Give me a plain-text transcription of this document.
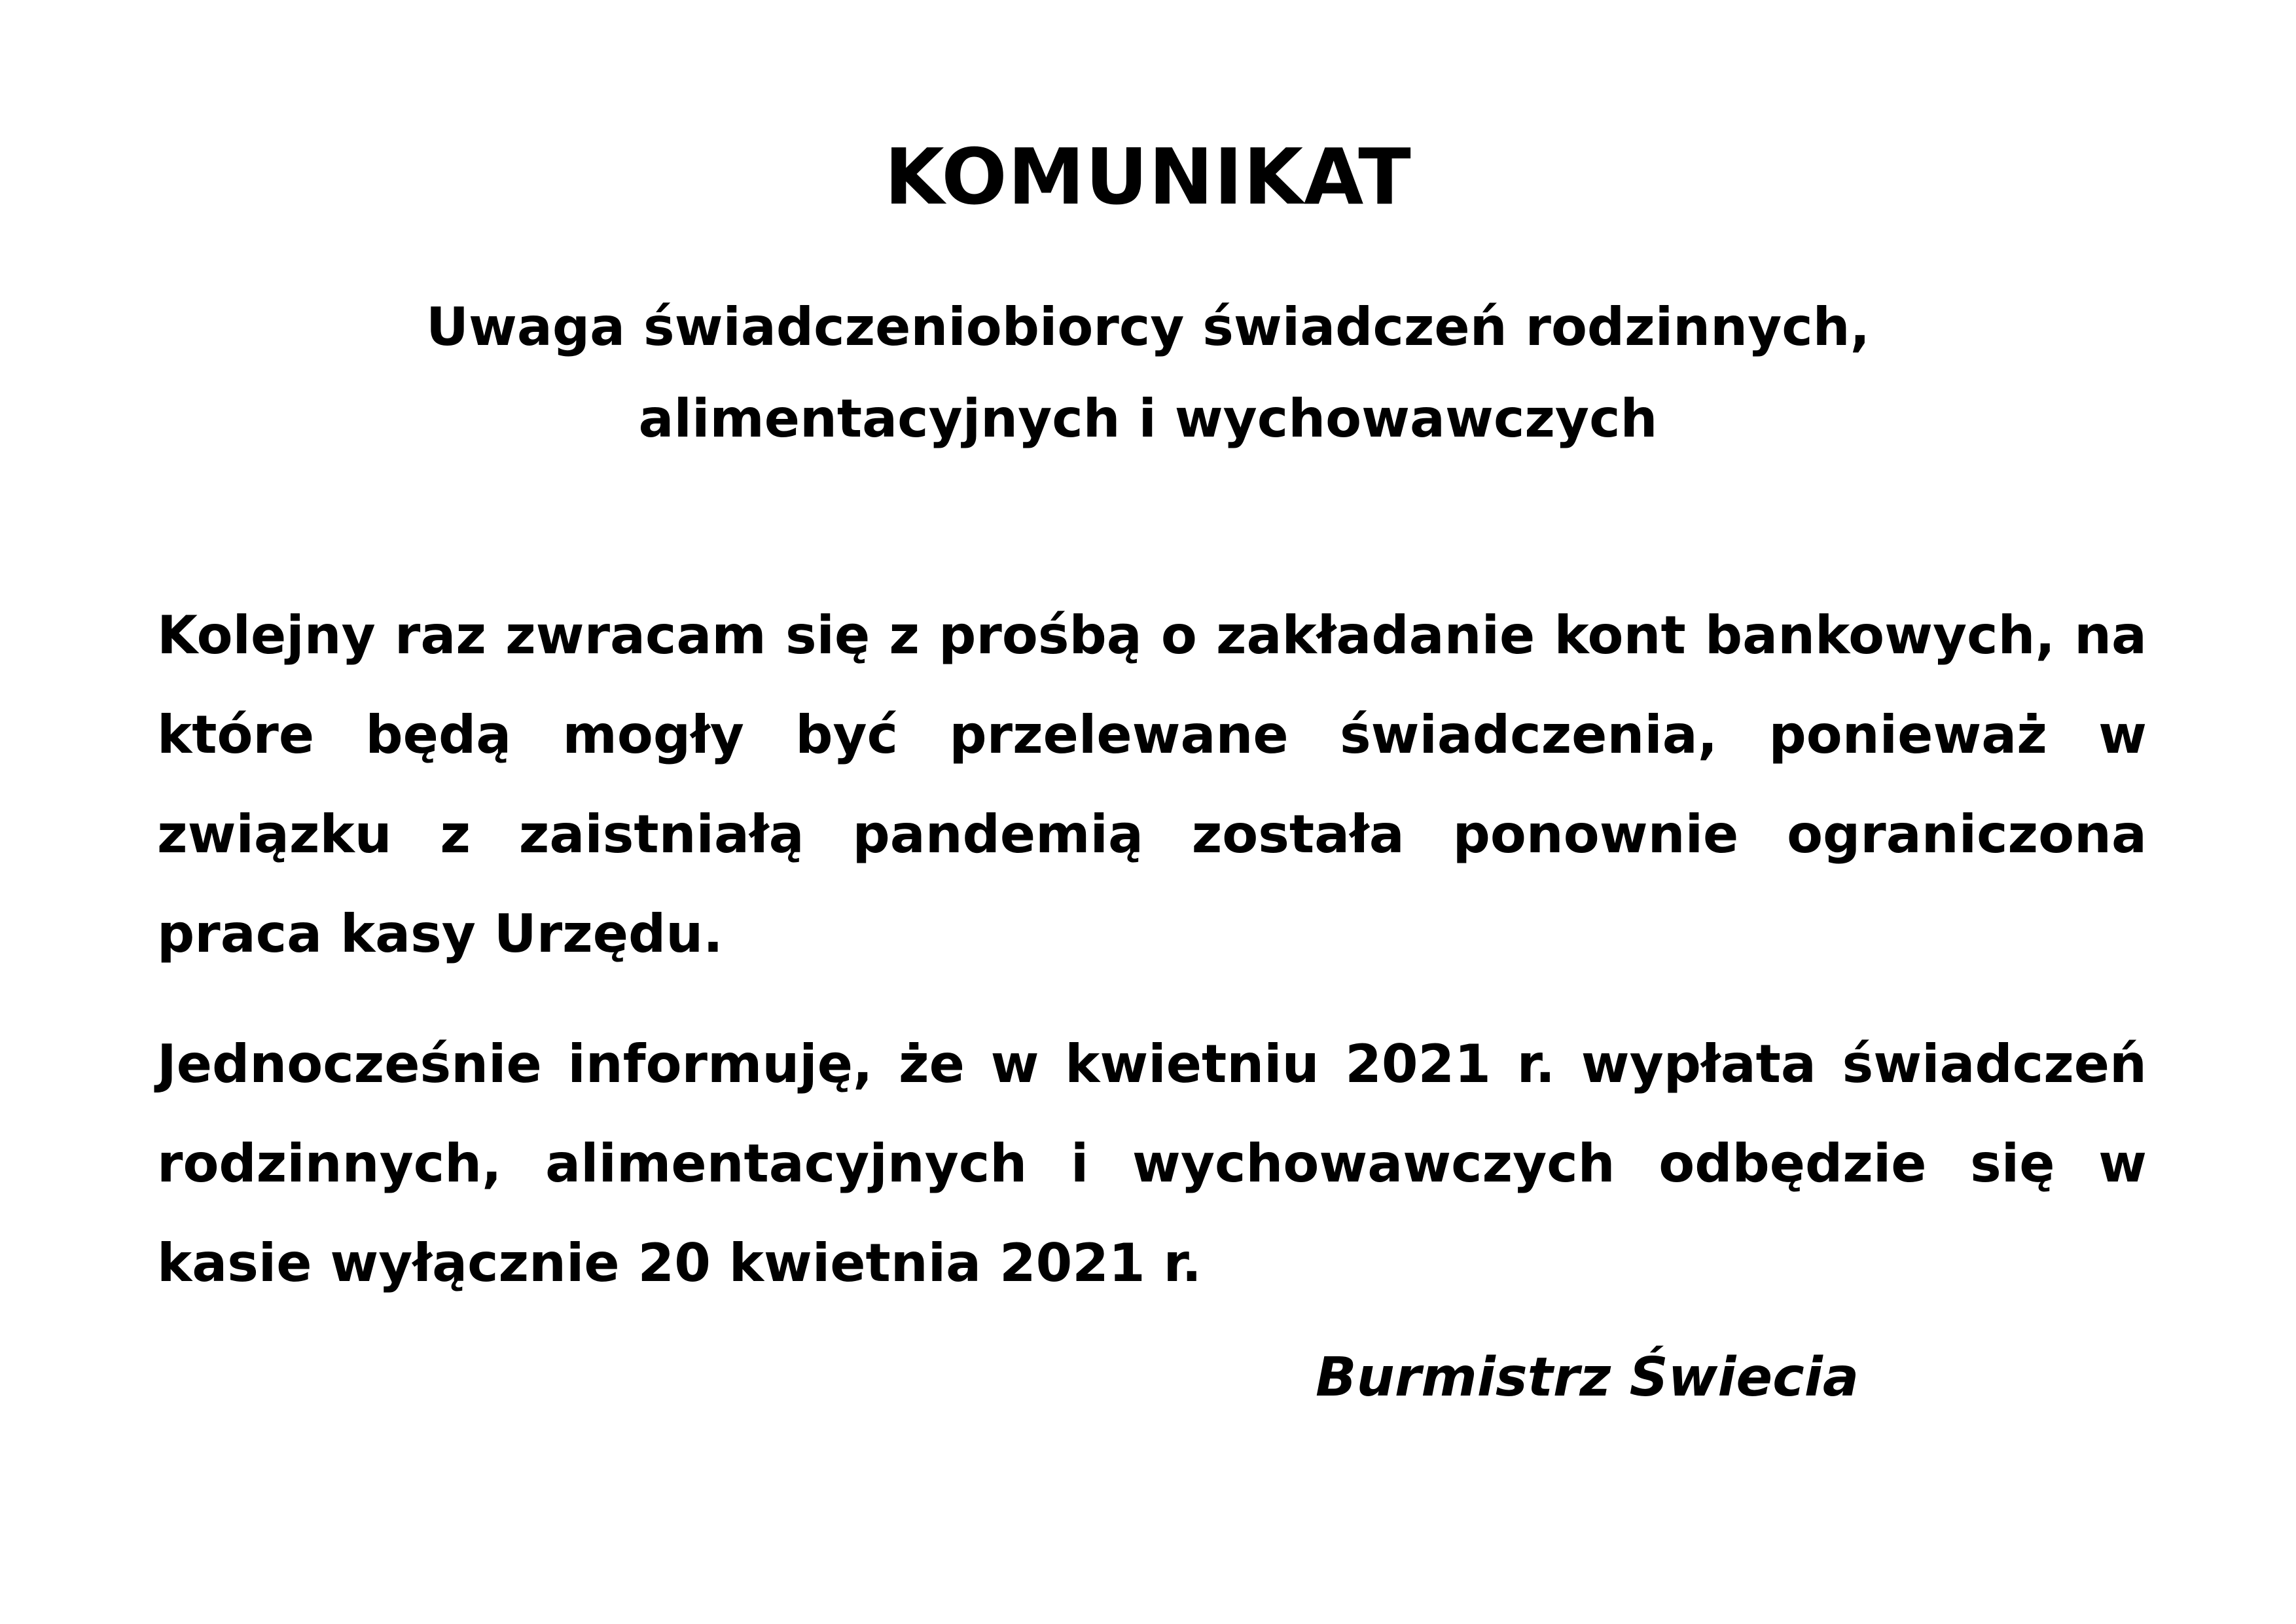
KOMUNIKAT
Uwaga świadczeniobiorcy świadczeń rodzinnych,
alimentacyjnych i wychowawczych

Kolejny raz zwracam się z prośbą o zakładanie kont bankowych, na które będą mogły być przelewane świadczenia, ponieważ w związku z zaistniałą pandemią została ponownie ograniczona praca kasy Urzędu.

Jednocześnie informuję, że w kwietniu 2021 r. wypłata świadczeń rodzinnych, alimentacyjnych i wychowawczych odbędzie się w kasie wyłącznie 20 kwietnia 2021 r.

Burmistrz Świecia
